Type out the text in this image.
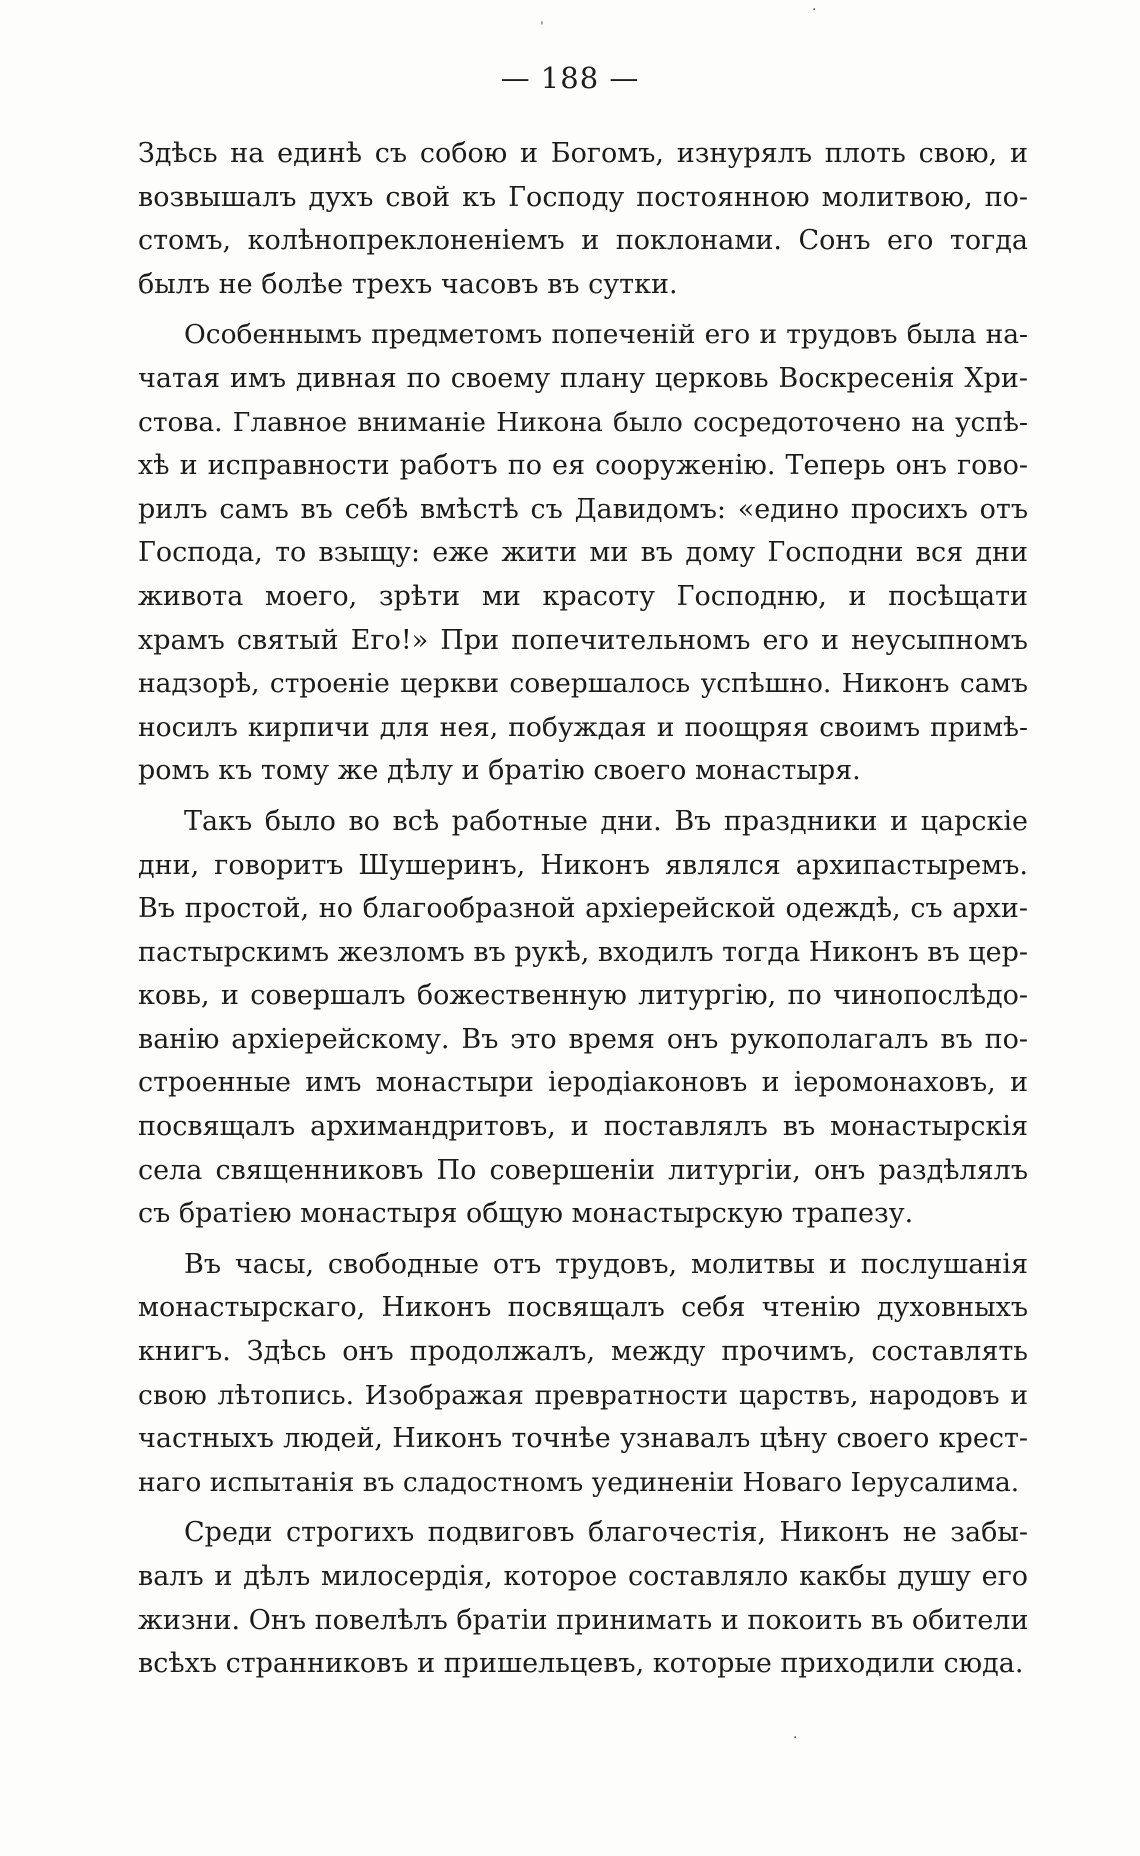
·
ˈ
·
— 188 —
Здѣсь на единѣ съ собою и Богомъ, изнурялъ плоть свою, и
возвышалъ духъ свой къ Господу постоянною молитвою, по-
стомъ, колѣнопреклоненіемъ и поклонами. Сонъ его тогда
былъ не болѣе трехъ часовъ въ сутки.
Особеннымъ предметомъ попеченій его и трудовъ была на-
чатая имъ дивная по своему плану церковь Воскресенія Хри-
стова. Главное вниманіе Никона было сосредоточено на успѣ-
хѣ и исправности работъ по ея сооруженію. Теперь онъ гово-
рилъ самъ въ себѣ вмѣстѣ съ Давидомъ: «едино просихъ отъ
Господа, то взыщу: еже жити ми въ дому Господни вся дни
живота моего, зрѣти ми красоту Господню, и посѣщати
храмъ святый Его!» При попечительномъ его и неусыпномъ
надзорѣ, строеніе церкви совершалось успѣшно. Никонъ самъ
носилъ кирпичи для нея, побуждая и поощряя своимъ примѣ-
ромъ къ тому же дѣлу и братію своего монастыря.
Такъ было во всѣ работные дни. Въ праздники и царскіе
дни, говоритъ Шушеринъ, Никонъ являлся архипастыремъ.
Въ простой, но благообразной архіерейской одеждѣ, съ архи-
пастырскимъ жезломъ въ рукѣ, входилъ тогда Никонъ въ цер-
ковь, и совершалъ божественную литургію, по чинопослѣдо-
ванію архіерейскому. Въ это время онъ рукополагалъ въ по-
строенные имъ монастыри іеродіаконовъ и іеромонаховъ, и
посвящалъ архимандритовъ, и поставлялъ въ монастырскія
села священниковъ По совершеніи литургіи, онъ раздѣлялъ
съ братіею монастыря общую монастырскую трапезу.
Въ часы, свободные отъ трудовъ, молитвы и послушанія
монастырскаго, Никонъ посвящалъ себя чтенію духовныхъ
книгъ. Здѣсь онъ продолжалъ, между прочимъ, составлять
свою лѣтопись. Изображая превратности царствъ, народовъ и
частныхъ людей, Никонъ точнѣе узнавалъ цѣну своего крест-
наго испытанія въ сладостномъ уединеніи Новаго Іерусалима.
Среди строгихъ подвиговъ благочестія, Никонъ не забы-
валъ и дѣлъ милосердія, которое составляло какбы душу его
жизни. Онъ повелѣлъ братіи принимать и покоить въ обители
всѣхъ странниковъ и пришельцевъ, которые приходили сюда.
